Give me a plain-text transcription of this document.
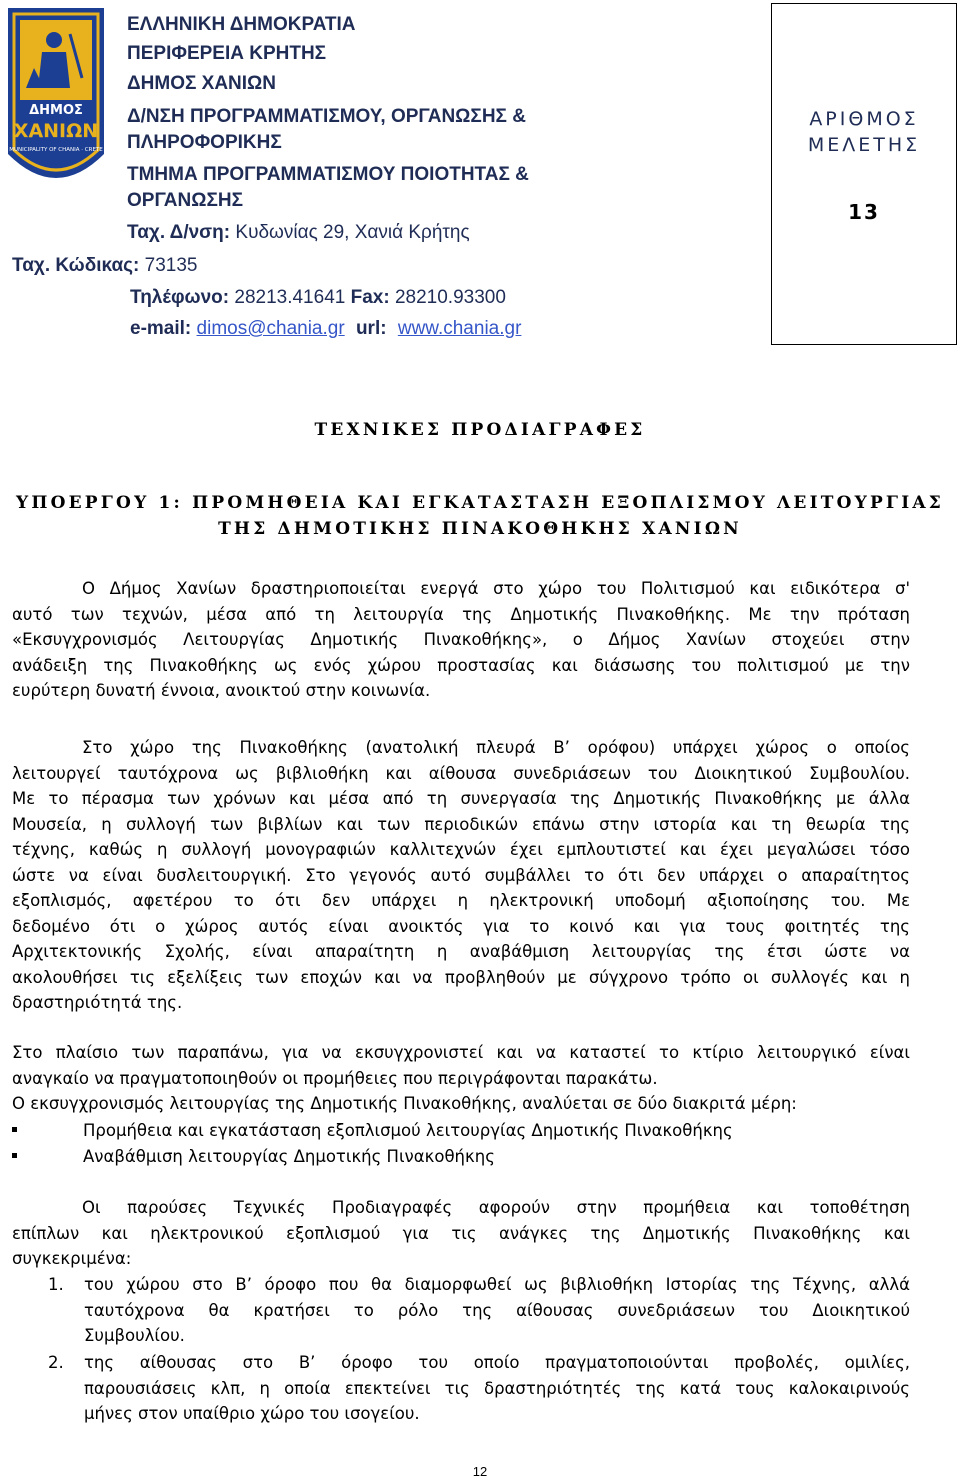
ΔΗΜΟΣ
ΧΑΝΙΩΝ
MUNICIPALITY OF CHANIA · CRETE
ΕΛΛΗΝΙΚΗ ΔΗΜΟΚΡΑΤΙΑ
ΠΕΡΙΦΕΡΕΙΑ ΚΡΗΤΗΣ
ΔΗΜΟΣ ΧΑΝΙΩΝ
Δ/ΝΣΗ ΠΡΟΓΡΑΜΜΑΤΙΣΜΟΥ, ΟΡΓΑΝΩΣΗΣ &
ΠΛΗΡΟΦΟΡΙΚΗΣ
ΤΜΗΜΑ ΠΡΟΓΡΑΜΜΑΤΙΣΜΟΥ ΠΟΙΟΤΗΤΑΣ &
ΟΡΓΑΝΩΣΗΣ
Ταχ. Δ/νση: Κυδωνίας 29, Χανιά Κρήτης
Ταχ. Κώδικας: 73135
Τηλέφωνο: 28213.41641 Fax: 28210.93300
e-mail: dimos@chania.gr url: www.chania.gr
ΑΡΙΘΜΟΣ
ΜΕΛΕΤΗΣ
13
ΤΕΧΝΙΚΕΣ ΠΡΟΔΙΑΓΡΑΦΕΣ
ΥΠΟΕΡΓΟΥ 1: ΠΡΟΜΗΘΕΙΑ ΚΑΙ ΕΓΚΑΤΑΣΤΑΣΗ ΕΞΟΠΛΙΣΜΟΥ ΛΕΙΤΟΥΡΓΙΑΣ
ΤΗΣ ΔΗΜΟΤΙΚΗΣ ΠΙΝΑΚΟΘΗΚΗΣ ΧΑΝΙΩΝ
Ο Δήμος Χανίων δραστηριοποιείται ενεργά στο χώρο του Πολιτισμού και ειδικότερα σ'
αυτό των τεχνών, μέσα από τη λειτουργία της Δημοτικής Πινακοθήκης. Με την πρόταση
«Εκσυγχρονισμός Λειτουργίας Δημοτικής Πινακοθήκης», ο Δήμος Χανίων στοχεύει στην
ανάδειξη της Πινακοθήκης ως ενός χώρου προστασίας και διάσωσης του πολιτισμού με την
ευρύτερη δυνατή έννοια, ανοικτού στην κοινωνία.
Στο χώρο της Πινακοθήκης (ανατολική πλευρά Β’ ορόφου) υπάρχει χώρος ο οποίος
λειτουργεί ταυτόχρονα ως βιβλιοθήκη και αίθουσα συνεδριάσεων του Διοικητικού Συμβουλίου.
Με το πέρασμα των χρόνων και μέσα από τη συνεργασία της Δημοτικής Πινακοθήκης με άλλα
Μουσεία, η συλλογή των βιβλίων και των περιοδικών επάνω στην ιστορία και τη θεωρία της
τέχνης, καθώς η συλλογή μονογραφιών καλλιτεχνών έχει εμπλουτιστεί και έχει μεγαλώσει τόσο
ώστε να είναι δυσλειτουργική. Στο γεγονός αυτό συμβάλλει το ότι δεν υπάρχει ο απαραίτητος
εξοπλισμός, αφετέρου το ότι δεν υπάρχει η ηλεκτρονική υποδομή αξιοποίησης του. Με
δεδομένο ότι ο χώρος αυτός είναι ανοικτός για το κοινό και για τους φοιτητές της
Αρχιτεκτονικής Σχολής, είναι απαραίτητη η αναβάθμιση λειτουργίας της έτσι ώστε να
ακολουθήσει τις εξελίξεις των εποχών και να προβληθούν με σύγχρονο τρόπο οι συλλογές και η
δραστηριότητά της.
Στο πλαίσιο των παραπάνω, για να εκσυγχρονιστεί και να καταστεί το κτίριο λειτουργικό είναι
αναγκαίο να πραγματοποιηθούν οι προμήθειες που περιγράφονται παρακάτω.
Ο εκσυγχρονισμός λειτουργίας της Δημοτικής Πινακοθήκης, αναλύεται σε δύο διακριτά μέρη:
Προμήθεια και εγκατάσταση εξοπλισμού λειτουργίας Δημοτικής Πινακοθήκης
Αναβάθμιση λειτουργίας Δημοτικής Πινακοθήκης
Οι παρούσες Τεχνικές Προδιαγραφές αφορούν στην προμήθεια και τοποθέτηση
επίπλων και ηλεκτρονικού εξοπλισμού για τις ανάγκες της Δημοτικής Πινακοθήκης και
συγκεκριμένα:
1. του χώρου στο Β’ όροφο που θα διαμορφωθεί ως βιβλιοθήκη Ιστορίας της Τέχνης, αλλά
ταυτόχρονα θα κρατήσει το ρόλο της αίθουσας συνεδριάσεων του Διοικητικού
Συμβουλίου.
2. της αίθουσας στο Β’ όροφο του οποίο πραγματοποιούνται προβολές, ομιλίες,
παρουσιάσεις κλπ, η οποία επεκτείνει τις δραστηριότητές της κατά τους καλοκαιρινούς
μήνες στον υπαίθριο χώρο του ισογείου.
12
